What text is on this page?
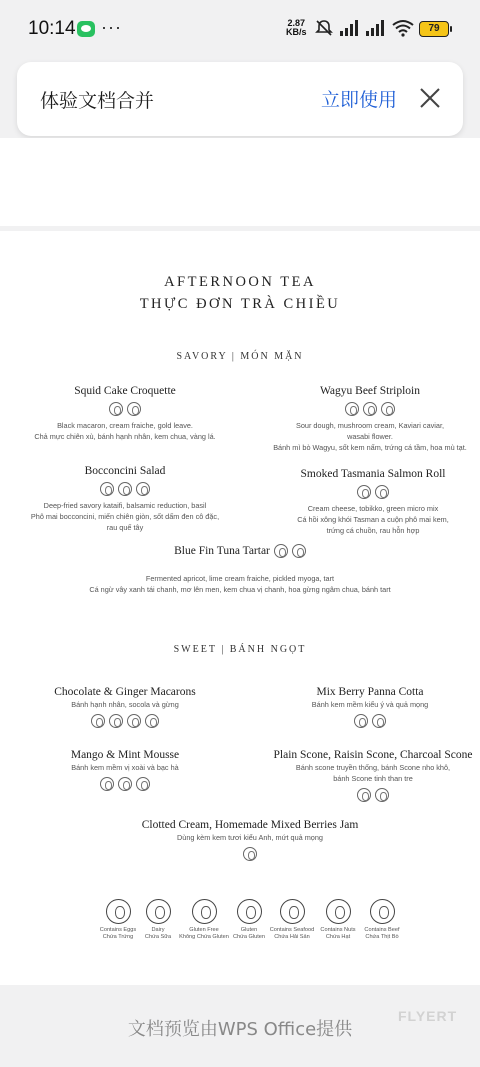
10:14 ···	2.87
KB/s	79
体验文档合并	立即使用
AFTERNOON TEA
THỰC ĐƠN TRÀ CHIỀU
SAVORY | MÓN MẶN
Squid Cake Croquette
Black macaron, cream fraiche, gold leave.
Chả mực chiên xù, bánh hạnh nhân, kem chua, vàng lá.
Wagyu Beef Striploin
Sour dough, mushroom cream, Kaviari caviar,
wasabi flower.
Bánh mì bò Wagyu, sốt kem nấm, trứng cá tầm, hoa mù tạt.
Bocconcini Salad
Deep-fried savory kataifi, balsamic reduction, basil
Phô mai bocconcini, miến chiên giòn, sốt dấm đen cô đặc,
rau quế tây
Smoked Tasmania Salmon Roll
Cream cheese, tobikko, green micro mix
Cá hồi xông khói Tasman a cuộn phô mai kem,
trứng cá chuồn, rau hỗn hợp
Blue Fin Tuna Tartar
Fermented apricot, lime cream fraiche, pickled myoga, tart
Cá ngừ vây xanh tái chanh, mơ lên men, kem chua vị chanh, hoa gừng ngâm chua, bánh tart
SWEET | BÁNH NGỌT
Chocolate & Ginger Macarons
Bánh hạnh nhân, socola và gừng
Mix Berry Panna Cotta
Bánh kem mềm kiểu ý và quả mọng
Mango & Mint Mousse
Bánh kem mềm vị xoài và bạc hà
Plain Scone, Raisin Scone, Charcoal Scone
Bánh scone truyền thống, bánh Scone nho khô,
bánh Scone tinh than tre
Clotted Cream, Homemade Mixed Berries Jam
Dùng kèm kem tươi kiểu Anh, mứt quả mọng
Contains Eggs
Chứa Trứng
Dairy
Chứa Sữa
Gluten Free
Không Chứa Gluten
Gluten
Chứa Gluten
Contains Seafood
Chứa Hải Sản
Contains Nuts
Chứa Hạt
Contains Beef
Chứa Thịt Bò
文档预览由WPS Office提供
FLYERT
